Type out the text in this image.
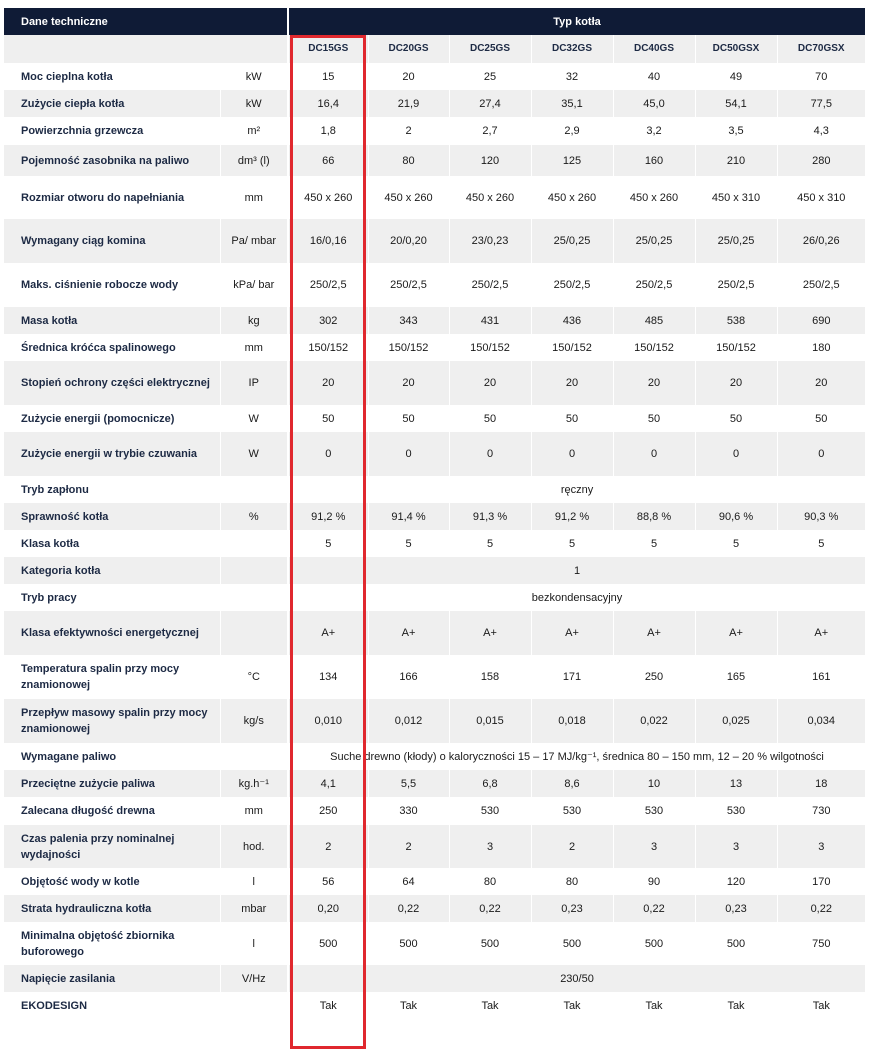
Dane techniczne		Typ kotła						
		DC15GS	DC20GS	DC25GS	DC32GS	DC40GS	DC50GSX	DC70GSX
Moc cieplna kotła	kW	15	20	25	32	40	49	70
Zużycie ciepła kotła	kW	16,4	21,9	27,4	35,1	45,0	54,1	77,5
Powierzchnia grzewcza	m²	1,8	2	2,7	2,9	3,2	3,5	4,3
Pojemność zasobnika na paliwo	dm³ (l)	66	80	120	125	160	210	280
Rozmiar otworu do napełniania	mm	450 x 260	450 x 260	450 x 260	450 x 260	450 x 260	450 x 310	450 x 310
Wymagany ciąg komina	Pa/ mbar	16/0,16	20/0,20	23/0,23	25/0,25	25/0,25	25/0,25	26/0,26
Maks. ciśnienie robocze wody	kPa/ bar	250/2,5	250/2,5	250/2,5	250/2,5	250/2,5	250/2,5	250/2,5
Masa kotła	kg	302	343	431	436	485	538	690
Średnica króćca spalinowego	mm	150/152	150/152	150/152	150/152	150/152	150/152	180
Stopień ochrony części elektrycznej	IP	20	20	20	20	20	20	20
Zużycie energii (pomocnicze)	W	50	50	50	50	50	50	50
Zużycie energii w trybie czuwania	W	0	0	0	0	0	0	0
Tryb zapłonu		ręczny						
Sprawność kotła	%	91,2 %	91,4 %	91,3 %	91,2 %	88,8 %	90,6 %	90,3 %
Klasa kotła		5	5	5	5	5	5	5
Kategoria kotła		1						
Tryb pracy		bezkondensacyjny						
Klasa efektywności energetycznej		A+	A+	A+	A+	A+	A+	A+
Temperatura spalin przy mocy znamionowej	°C	134	166	158	171	250	165	161
Przepływ masowy spalin przy mocy znamionowej	kg/s	0,010	0,012	0,015	0,018	0,022	0,025	0,034
Wymagane paliwo		Suche drewno (kłody) o kaloryczności 15 – 17 MJ/kg⁻¹, średnica 80 – 150 mm, 12 – 20 % wilgotności						
Przeciętne zużycie paliwa	kg.h⁻¹	4,1	5,5	6,8	8,6	10	13	18
Zalecana długość drewna	mm	250	330	530	530	530	530	730
Czas palenia przy nominalnej wydajności	hod.	2	2	3	2	3	3	3
Objętość wody w kotle	l	56	64	80	80	90	120	170
Strata hydrauliczna kotła	mbar	0,20	0,22	0,22	0,23	0,22	0,23	0,22
Minimalna objętość zbiornika buforowego	l	500	500	500	500	500	500	750
Napięcie zasilania	V/Hz	230/50						
EKODESIGN		Tak	Tak	Tak	Tak	Tak	Tak	Tak
